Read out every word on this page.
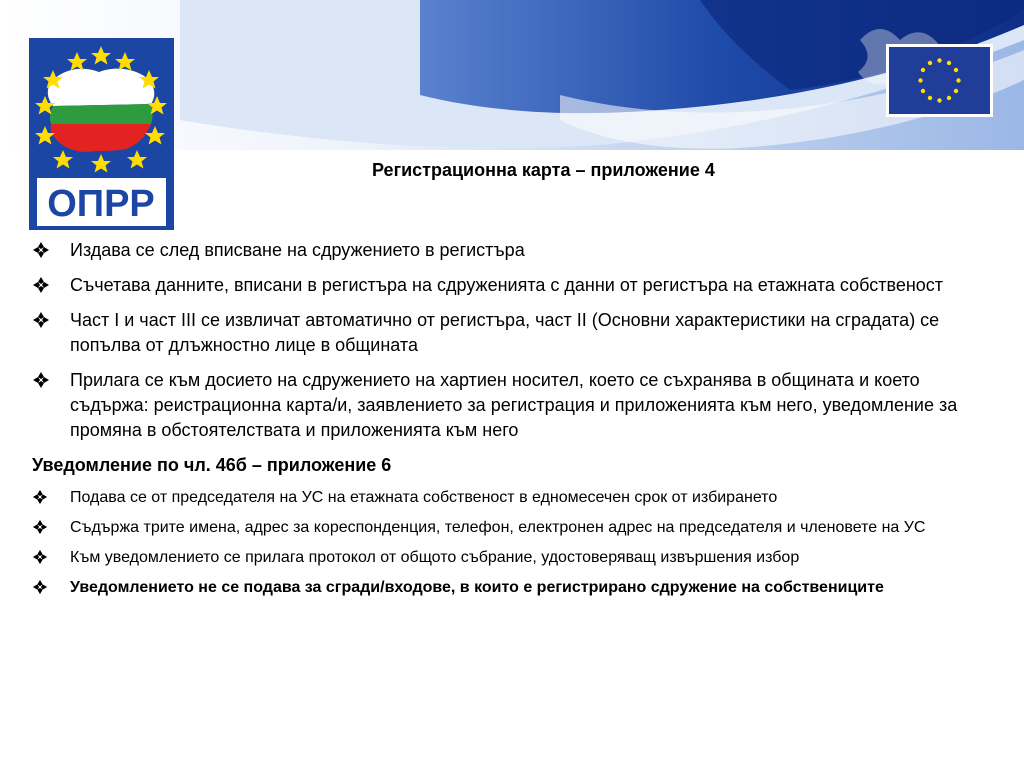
ОПРР
Регистрационна карта – приложение 4
Издава се след вписване на сдружението в регистъра
Съчетава данните, вписани в регистъра на сдруженията с данни от регистъра на етажната собственост
Част I и част III се извличат автоматично от регистъра, част II (Основни характеристики на сградата) се попълва от длъжностно лице в общината
Прилага се към досието на сдружението на хартиен носител, което се съхранява в общината и което съдържа: реистрационна карта/и, заявлението за регистрация и приложенията към него, уведомление за промяна в обстоятелствата и приложенията към него
Уведомление по чл. 46б – приложение 6
Подава се от председателя на УС на етажната собственост в едномесечен срок от избирането
Съдържа трите имена, адрес за кореспонденция, телефон, електронен адрес на председателя и членовете на УС
Към уведомлението се прилага протокол от общото събрание, удостоверяващ извършения избор
Уведомлението не се подава за сгради/входове, в които е регистрирано сдружение на собствениците
